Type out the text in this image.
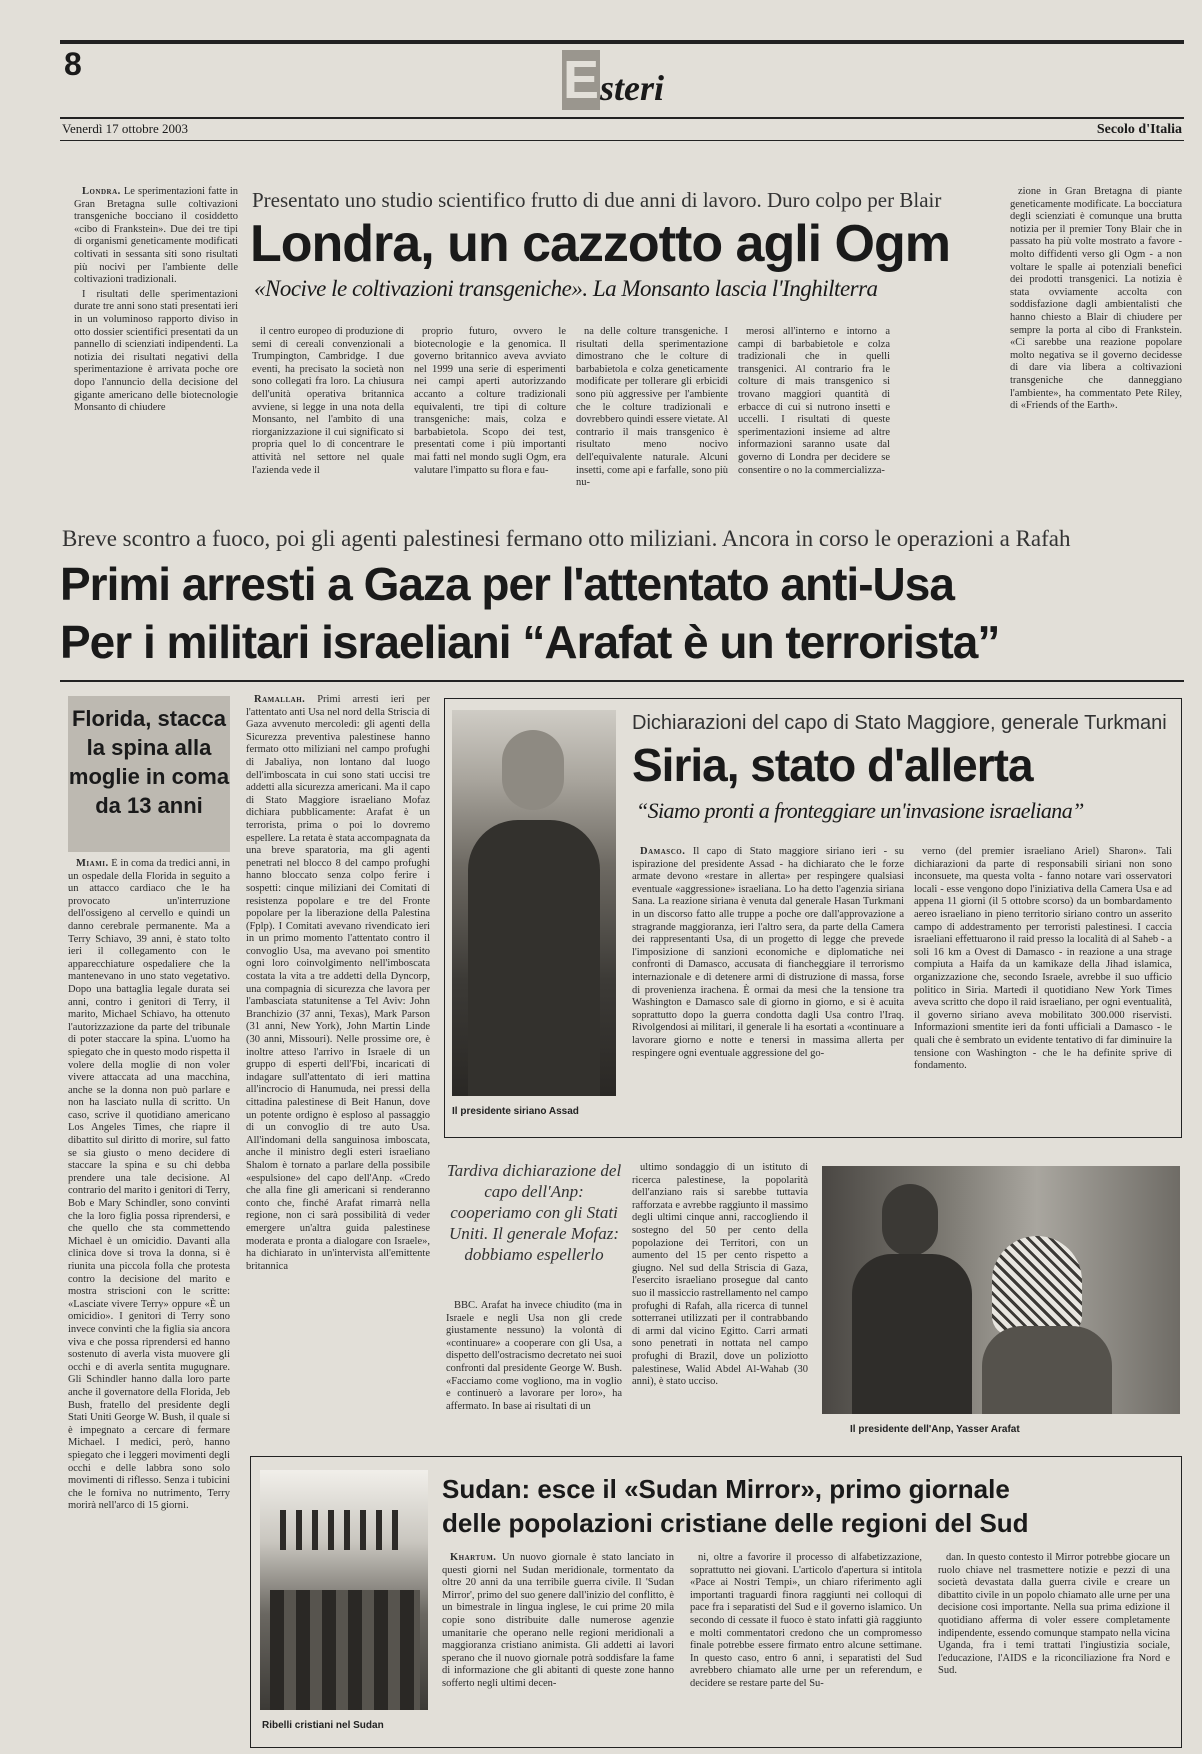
8	Esteri
Venerdì 17 ottobre 2003	Secolo d'Italia

Londra. Le sperimentazioni fatte in Gran Bretagna sulle coltivazioni transgeniche bocciano il cosiddetto «cibo di Frankstein». Due dei tre tipi di organismi geneticamente modificati coltivati in sessanta siti sono risultati più nocivi per l'ambiente delle coltivazioni tradizionali.

I risultati delle sperimentazioni durate tre anni sono stati presentati ieri in un voluminoso rapporto diviso in otto dossier scientifici presentati da un pannello di scienziati indipendenti. La notizia dei risultati negativi della sperimentazione è arrivata poche ore dopo l'annuncio della decisione del gigante americano delle biotecnologie Monsanto di chiudere

Presentato uno studio scientifico frutto di due anni di lavoro. Duro colpo per Blair
Londra, un cazzotto agli Ogm
«Nocive le coltivazioni transgeniche». La Monsanto lascia l'Inghilterra

il centro europeo di produzione di semi di cereali convenzionali a Trumpington, Cambridge. I due eventi, ha precisato la società non sono collegati fra loro. La chiusura dell'unità operativa britannica avviene, si legge in una nota della Monsanto, nel l'ambito di una riorganizzazione il cui significato si propria quel lo di concentrare le attività nel settore nel quale l'azienda vede il

proprio futuro, ovvero le biotecnologie e la genomica. Il governo britannico aveva avviato nel 1999 una serie di esperimenti nei campi aperti autorizzando accanto a colture tradizionali equivalenti, tre tipi di colture transgeniche: mais, colza e barbabietola. Scopo dei test, presentati come i più importanti mai fatti nel mondo sugli Ogm, era valutare l'impatto su flora e fau-

na delle colture transgeniche. I risultati della sperimentazione dimostrano che le colture di barbabietola e colza geneticamente modificate per tollerare gli erbicidi sono più aggressive per l'ambiente che le colture tradizionali e dovrebbero quindi essere vietate. Al contrario il mais transgenico è risultato meno nocivo dell'equivalente naturale. Alcuni insetti, come api e farfalle, sono più nu-

merosi all'interno e intorno a campi di barbabietole e colza tradizionali che in quelli transgenici. Al contrario fra le colture di mais transgenico si trovano maggiori quantità di erbacce di cui si nutrono insetti e uccelli. I risultati di queste sperimentazioni insieme ad altre informazioni saranno usate dal governo di Londra per decidere se consentire o no la commercializza-

zione in Gran Bretagna di piante geneticamente modificate. La bocciatura degli scienziati è comunque una brutta notizia per il premier Tony Blair che in passato ha più volte mostrato a favore - molto diffidenti verso gli Ogm - a non voltare le spalle ai potenziali benefici dei prodotti transgenici. La notizia è stata ovviamente accolta con soddisfazione dagli ambientalisti che hanno chiesto a Blair di chiudere per sempre la porta al cibo di Frankstein. «Ci sarebbe una reazione popolare molto negativa se il governo decidesse di dare via libera a coltivazioni transgeniche che danneggiano l'ambiente», ha commentato Pete Riley, di «Friends of the Earth».

Breve scontro a fuoco, poi gli agenti palestinesi fermano otto miliziani. Ancora in corso le operazioni a Rafah
Primi arresti a Gaza per l'attentato anti-Usa
Per i militari israeliani “Arafat è un terrorista”
Florida, stacca la spina alla moglie in coma da 13 anni

Miami. È in coma da tredici anni, in un ospedale della Florida in seguito a un attacco cardiaco che le ha provocato un'interruzione dell'ossigeno al cervello e quindi un danno cerebrale permanente. Ma a Terry Schiavo, 39 anni, è stato tolto ieri il collegamento con le apparecchiature ospedaliere che la mantenevano in uno stato vegetativo. Dopo una battaglia legale durata sei anni, contro i genitori di Terry, il marito, Michael Schiavo, ha ottenuto l'autorizzazione da parte del tribunale di poter staccare la spina. L'uomo ha spiegato che in questo modo rispetta il volere della moglie di non voler vivere attaccata ad una macchina, anche se la donna non può parlare e non ha lasciato nulla di scritto. Un caso, scrive il quotidiano americano Los Angeles Times, che riapre il dibattito sul diritto di morire, sul fatto se sia giusto o meno decidere di staccare la spina e su chi debba prendere una tale decisione. Al contrario del marito i genitori di Terry, Bob e Mary Schindler, sono convinti che la loro figlia possa riprendersi, e che quello che sta commettendo Michael è un omicidio. Davanti alla clinica dove si trova la donna, si è riunita una piccola folla che protesta contro la decisione del marito e mostra striscioni con le scritte: «Lasciate vivere Terry» oppure «È un omicidio». I genitori di Terry sono invece convinti che la figlia sia ancora viva e che possa riprendersi ed hanno sostenuto di averla vista muovere gli occhi e di averla sentita mugugnare. Gli Schindler hanno dalla loro parte anche il governatore della Florida, Jeb Bush, fratello del presidente degli Stati Uniti George W. Bush, il quale si è impegnato a cercare di fermare Michael. I medici, però, hanno spiegato che i leggeri movimenti degli occhi e delle labbra sono solo movimenti di riflesso. Senza i tubicini che le forniva no nutrimento, Terry morirà nell'arco di 15 giorni.

Ramallah. Primi arresti ieri per l'attentato anti Usa nel nord della Striscia di Gaza avvenuto mercoledì: gli agenti della Sicurezza preventiva palestinese hanno fermato otto miliziani nel campo profughi di Jabaliya, non lontano dal luogo dell'imboscata in cui sono stati uccisi tre addetti alla sicurezza americani. Ma il capo di Stato Maggiore israeliano Mofaz dichiara pubblicamente: Arafat è un terrorista, prima o poi lo dovremo espellere. La retata è stata accompagnata da una breve sparatoria, ma gli agenti penetrati nel blocco 8 del campo profughi hanno bloccato senza colpo ferire i sospetti: cinque miliziani dei Comitati di resistenza popolare e tre del Fronte popolare per la liberazione della Palestina (Fplp). I Comitati avevano rivendicato ieri in un primo momento l'attentato contro il convoglio Usa, ma avevano poi smentito ogni loro coinvolgimento nell'imboscata costata la vita a tre addetti della Dyncorp, una compagnia di sicurezza che lavora per l'ambasciata statunitense a Tel Aviv: John Branchizio (37 anni, Texas), Mark Parson (31 anni, New York), John Martin Linde (30 anni, Missouri). Nelle prossime ore, è inoltre atteso l'arrivo in Israele di un gruppo di esperti dell'Fbi, incaricati di indagare sull'attentato di ieri mattina all'incrocio di Hanumuda, nei pressi della cittadina palestinese di Beit Hanun, dove un potente ordigno è esploso al passaggio di un convoglio di tre auto Usa. All'indomani della sanguinosa imboscata, anche il ministro degli esteri israeliano Shalom è tornato a parlare della possibile «espulsione» del capo dell'Anp. «Credo che alla fine gli americani si renderanno conto che, finché Arafat rimarrà nella regione, non ci sarà possibilità di veder emergere un'altra guida palestinese moderata e pronta a dialogare con Israele», ha dichiarato in un'intervista all'emittente britannica

Il presidente siriano Assad
Dichiarazioni del capo di Stato Maggiore, generale Turkmani
Siria, stato d'allerta
“Siamo pronti a fronteggiare un'invasione israeliana”

Damasco. Il capo di Stato maggiore siriano ieri - su ispirazione del presidente Assad - ha dichiarato che le forze armate devono «restare in allerta» per respingere qualsiasi eventuale «aggressione» israeliana. Lo ha detto l'agenzia siriana Sana. La reazione siriana è venuta dal generale Hasan Turkmani in un discorso fatto alle truppe a poche ore dall'approvazione a stragrande maggioranza, ieri l'altro sera, da parte della Camera dei rappresentanti Usa, di un progetto di legge che prevede l'imposizione di sanzioni economiche e diplomatiche nei confronti di Damasco, accusata di fiancheggiare il terrorismo internazionale e di detenere armi di distruzione di massa, forse di provenienza irachena. È ormai da mesi che la tensione tra Washington e Damasco sale di giorno in giorno, e si è acuita soprattutto dopo la guerra condotta dagli Usa contro l'Iraq. Rivolgendosi ai militari, il generale li ha esortati a «continuare a lavorare giorno e notte e tenersi in massima allerta per respingere ogni eventuale aggressione del go-

verno (del premier israeliano Ariel) Sharon». Tali dichiarazioni da parte di responsabili siriani non sono inconsuete, ma questa volta - fanno notare vari osservatori locali - esse vengono dopo l'iniziativa della Camera Usa e ad appena 11 giorni (il 5 ottobre scorso) da un bombardamento aereo israeliano in pieno territorio siriano contro un asserito campo di addestramento per terroristi palestinesi. I caccia israeliani effettuarono il raid presso la località di al Saheb - a soli 16 km a Ovest di Damasco - in reazione a una strage compiuta a Haifa da un kamikaze della Jihad islamica, organizzazione che, secondo Israele, avrebbe il suo ufficio politico in Siria. Martedì il quotidiano New York Times aveva scritto che dopo il raid israeliano, per ogni eventualità, il governo siriano aveva mobilitato 300.000 riservisti. Informazioni smentite ieri da fonti ufficiali a Damasco - le quali che è sembrato un evidente tentativo di far diminuire la tensione con Washington - che le ha definite sprive di fondamento.

Tardiva dichiarazione del capo dell'Anp: cooperiamo con gli Stati Uniti. Il generale Mofaz: dobbiamo espellerlo

BBC. Arafat ha invece chiudito (ma in Israele e negli Usa non gli crede giustamente nessuno) la volontà di «continuare» a cooperare con gli Usa, a dispetto dell'ostracismo decretato nei suoi confronti dal presidente George W. Bush. «Facciamo come vogliono, ma in voglio e continuerò a lavorare per loro», ha affermato. In base ai risultati di un

ultimo sondaggio di un istituto di ricerca palestinese, la popolarità dell'anziano rais si sarebbe tuttavia rafforzata e avrebbe raggiunto il massimo degli ultimi cinque anni, raccogliendo il sostegno del 50 per cento della popolazione dei Territori, con un aumento del 15 per cento rispetto a giugno. Nel sud della Striscia di Gaza, l'esercito israeliano prosegue dal canto suo il massiccio rastrellamento nel campo profughi di Rafah, alla ricerca di tunnel sotterranei utilizzati per il contrabbando di armi dal vicino Egitto. Carri armati sono penetrati in nottata nel campo profughi di Brazil, dove un poliziotto palestinese, Walid Abdel Al-Wahab (30 anni), è stato ucciso.

Il presidente dell'Anp, Yasser Arafat
Ribelli cristiani nel Sudan
Sudan: esce il «Sudan Mirror», primo giornale
delle popolazioni cristiane delle regioni del Sud

Khartum. Un nuovo giornale è stato lanciato in questi giorni nel Sudan meridionale, tormentato da oltre 20 anni da una terribile guerra civile. Il 'Sudan Mirror', primo del suo genere dall'inizio del conflitto, è un bimestrale in lingua inglese, le cui prime 20 mila copie sono distribuite dalle numerose agenzie umanitarie che operano nelle regioni meridionali a maggioranza cristiano animista. Gli addetti ai lavori sperano che il nuovo giornale potrà soddisfare la fame di informazione che gli abitanti di queste zone hanno sofferto negli ultimi decen-

ni, oltre a favorire il processo di alfabetizzazione, soprattutto nei giovani. L'articolo d'apertura si intitola «Pace ai Nostri Tempi», un chiaro riferimento agli importanti traguardi finora raggiunti nei colloqui di pace fra i separatisti del Sud e il governo islamico. Un secondo di cessate il fuoco è stato infatti già raggiunto e molti commentatori credono che un compromesso finale potrebbe essere firmato entro alcune settimane. In questo caso, entro 6 anni, i separatisti del Sud avrebbero chiamato alle urne per un referendum, e decidere se restare parte del Su-

dan. In questo contesto il Mirror potrebbe giocare un ruolo chiave nel trasmettere notizie e pezzi di una società devastata dalla guerra civile e creare un dibattito civile in un popolo chiamato alle urne per una decisione così importante. Nella sua prima edizione il quotidiano afferma di voler essere completamente indipendente, essendo comunque stampato nella vicina Uganda, fra i temi trattati l'ingiustizia sociale, l'educazione, l'AIDS e la riconciliazione fra Nord e Sud.
